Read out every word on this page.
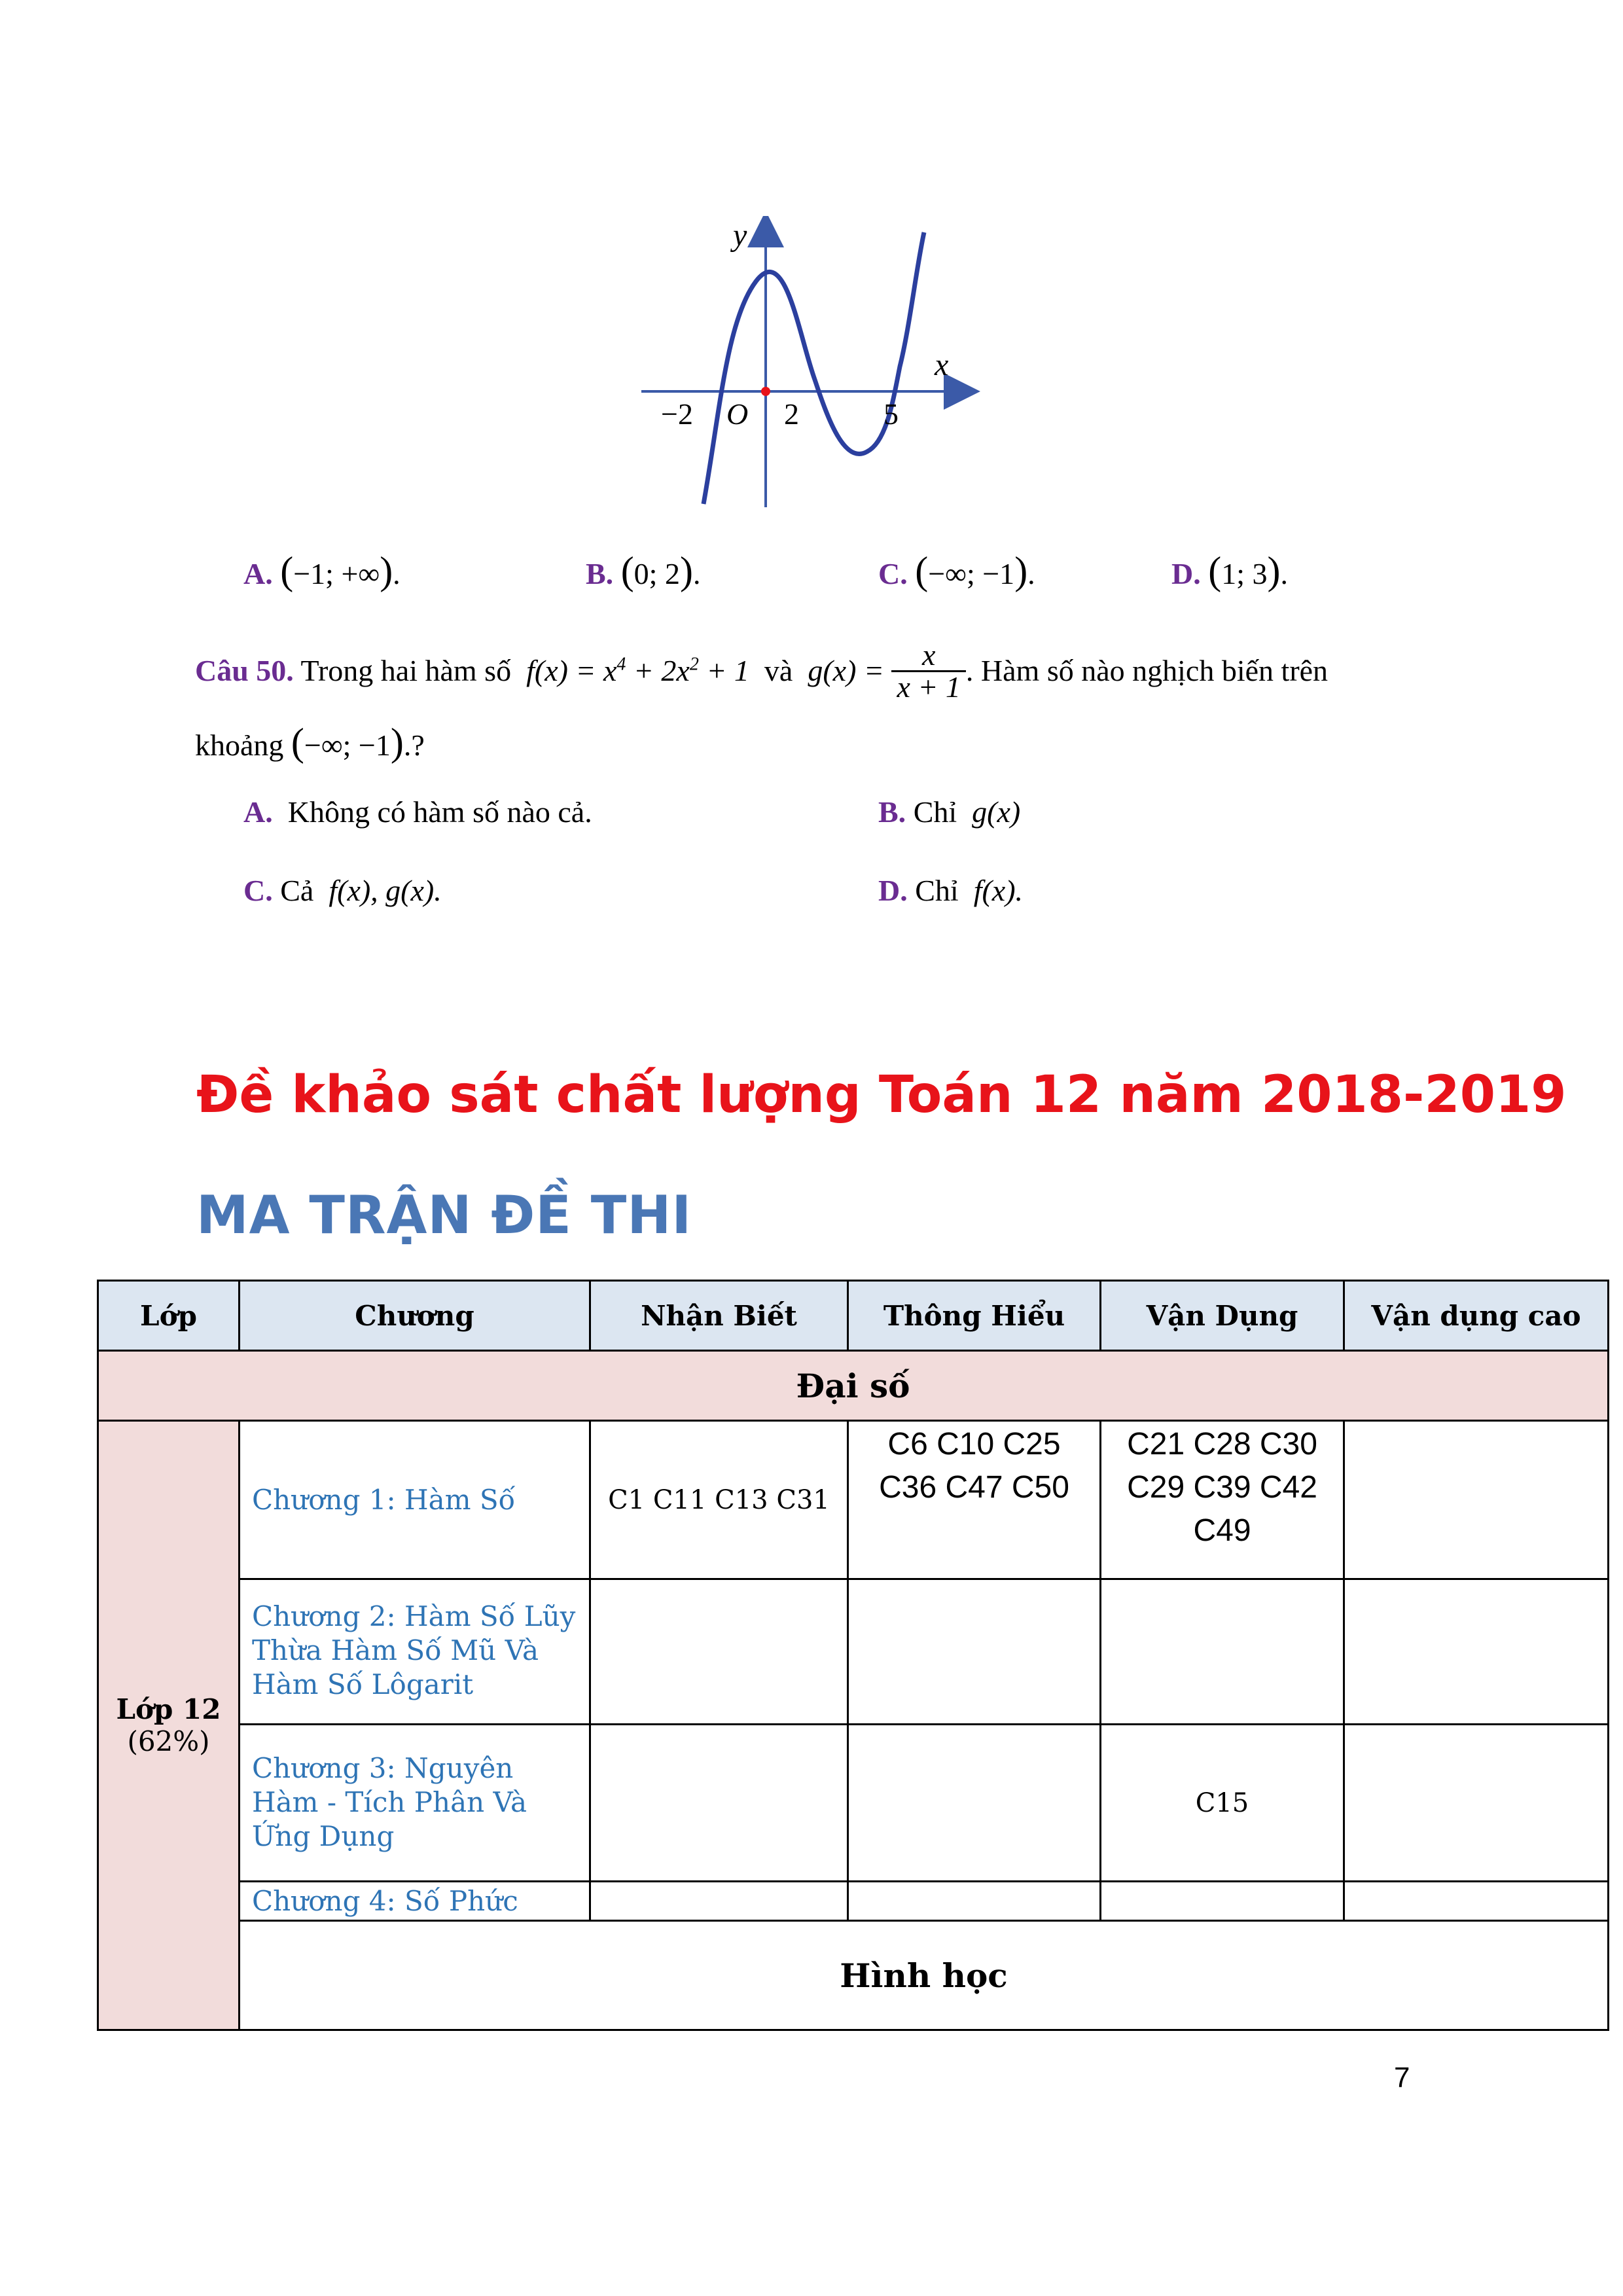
y
x
−2 O 2	5
A. (−1; +∞).	B. (0; 2).	C. (−∞; −1).	D. (1; 3).
Câu 50. Trong hai hàm số $f(x) = x^4 + 2x^2 + 1$ và $g(x) = \frac{x}{x + 1}$ . Hàm số nào nghịch biến trên
khoảng (−∞; −1).?
A. Không có hàm số nào cả.	B. Chỉ g(x)
C. Cả f(x), g(x).	D. Chỉ f(x).
Đề khảo sát chất lượng Toán 12 năm 2018-2019
MA TRẬN ĐỀ THI
Lớp	Chương	Nhận Biết	Thông Hiểu	Vận Dụng	Vận dụng cao
Đại số					

Lớp 12
(62%)	Chương 1: Hàm Số	C1 C11 C13 C31	C6 C10 C25 C36 C47 C50	C21 C28 C30 C29 C39 C42 C49	
	Chương 2: Hàm Số Lũy Thừa Hàm Số Mũ Và Hàm Số Lôgarit				
	Chương 3: Nguyên Hàm - Tích Phân Và Ứng Dụng			C15	
	Chương 4: Số Phức				
	Hình học				
7
